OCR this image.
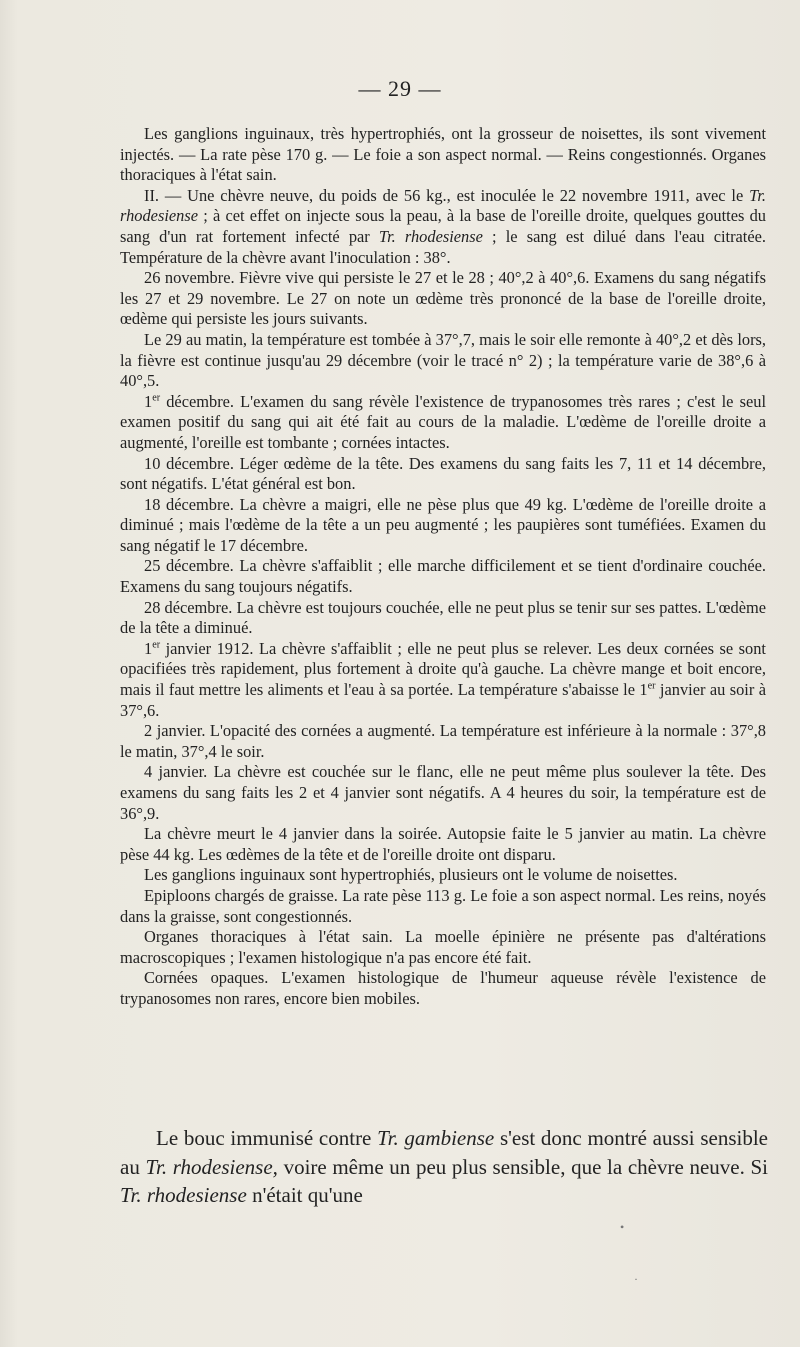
— 29 —

Les ganglions inguinaux, très hypertrophiés, ont la grosseur de noisettes, ils sont vivement injectés. — La rate pèse 170 g. — Le foie a son aspect normal. — Reins congestionnés. Organes thoraciques à l'état sain.

II. — Une chèvre neuve, du poids de 56 kg., est inoculée le 22 novembre 1911, avec le Tr. rhodesiense ; à cet effet on injecte sous la peau, à la base de l'oreille droite, quelques gouttes du sang d'un rat fortement infecté par Tr. rhodesiense ; le sang est dilué dans l'eau citratée. Température de la chèvre avant l'inoculation : 38°.

26 novembre. Fièvre vive qui persiste le 27 et le 28 ; 40°,2 à 40°,6. Examens du sang négatifs les 27 et 29 novembre. Le 27 on note un œdème très prononcé de la base de l'oreille droite, œdème qui persiste les jours suivants.

Le 29 au matin, la température est tombée à 37°,7, mais le soir elle remonte à 40°,2 et dès lors, la fièvre est continue jusqu'au 29 décembre (voir le tracé n° 2) ; la température varie de 38°,6 à 40°,5.

1er décembre. L'examen du sang révèle l'existence de trypanosomes très rares ; c'est le seul examen positif du sang qui ait été fait au cours de la maladie. L'œdème de l'oreille droite a augmenté, l'oreille est tombante ; cornées intactes.

10 décembre. Léger œdème de la tête. Des examens du sang faits les 7, 11 et 14 décembre, sont négatifs. L'état général est bon.

18 décembre. La chèvre a maigri, elle ne pèse plus que 49 kg. L'œdème de l'oreille droite a diminué ; mais l'œdème de la tête a un peu augmenté ; les paupières sont tuméfiées. Examen du sang négatif le 17 décembre.

25 décembre. La chèvre s'affaiblit ; elle marche difficilement et se tient d'ordinaire couchée. Examens du sang toujours négatifs.

28 décembre. La chèvre est toujours couchée, elle ne peut plus se tenir sur ses pattes. L'œdème de la tête a diminué.

1er janvier 1912. La chèvre s'affaiblit ; elle ne peut plus se relever. Les deux cornées se sont opacifiées très rapidement, plus fortement à droite qu'à gauche. La chèvre mange et boit encore, mais il faut mettre les aliments et l'eau à sa portée. La température s'abaisse le 1er janvier au soir à 37°,6.

2 janvier. L'opacité des cornées a augmenté. La température est inférieure à la normale : 37°,8 le matin, 37°,4 le soir.

4 janvier. La chèvre est couchée sur le flanc, elle ne peut même plus soulever la tête. Des examens du sang faits les 2 et 4 janvier sont négatifs. A 4 heures du soir, la température est de 36°,9.

La chèvre meurt le 4 janvier dans la soirée. Autopsie faite le 5 janvier au matin. La chèvre pèse 44 kg. Les œdèmes de la tête et de l'oreille droite ont disparu.

Les ganglions inguinaux sont hypertrophiés, plusieurs ont le volume de noisettes.

Epiploons chargés de graisse. La rate pèse 113 g. Le foie a son aspect normal. Les reins, noyés dans la graisse, sont congestionnés.

Organes thoraciques à l'état sain. La moelle épinière ne présente pas d'altérations macroscopiques ; l'examen histologique n'a pas encore été fait.

Cornées opaques. L'examen histologique de l'humeur aqueuse révèle l'existence de trypanosomes non rares, encore bien mobiles.

Le bouc immunisé contre Tr. gambiense s'est donc montré aussi sensible au Tr. rhodesiense, voire même un peu plus sensible, que la chèvre neuve. Si Tr. rhodesiense n'était qu'une

•
·
